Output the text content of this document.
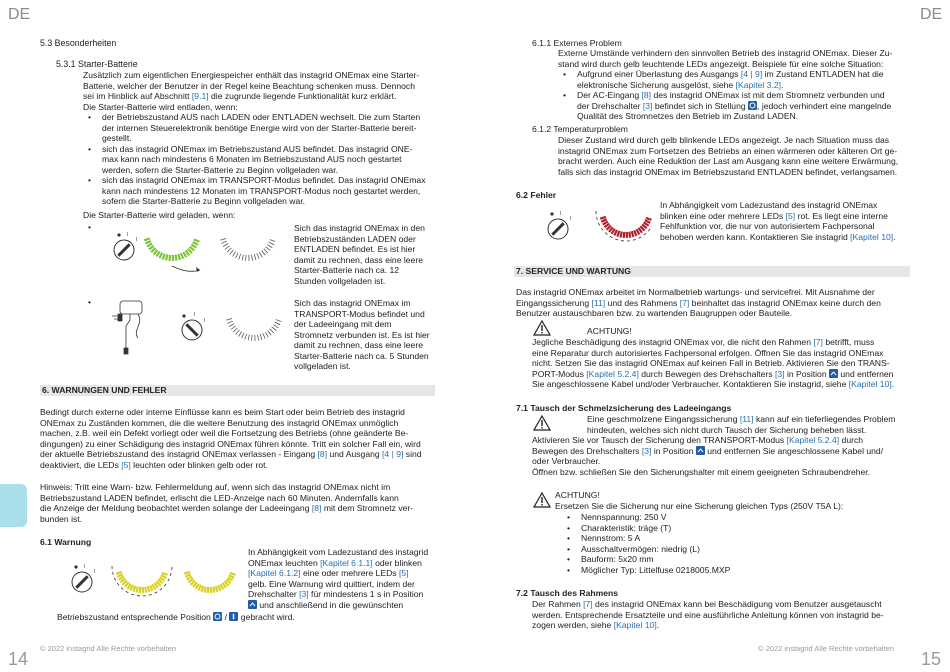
DE	DE
14	15
© 2022 instagrid Alle Rechte vorbehalten	© 2022 instagrid Alle Rechte vorbehalten
5.3 Besonderheiten
5.3.1 Starter-Batterie

Zusätzlich zum eigentlichen Energiespeicher enthält das instagrid ONEmax eine Starter-

Batterie, welcher der Benutzer in der Regel keine Beachtung schenken muss. Dennoch

sei im Hinblick auf Abschnitt [9.1] die zugrunde liegende Funktionalität kurz erklärt.

Die Starter-Batterie wird entladen, wenn:

• der Betriebszustand AUS nach LADEN oder ENTLADEN wechselt. Die zum Starten

der internen Steuerelektronik benötige Energie wird von der Starter-Batterie bereit-

gestellt.

• sich das instagrid ONEmax im Betriebszustand AUS befindet. Das instagrid ONE-

max kann nach mindestens 6 Monaten im Betriebszustand AUS noch gestartet

werden, sofern die Starter-Batterie zu Beginn vollgeladen war.

• sich das instagrid ONEmax im TRANSPORT-Modus befindet. Das instagrid ONEmax

kann nach mindestens 12 Monaten im TRANSPORT-Modus noch gestartet werden,

sofern die Starter-Batterie zu Beginn vollgeladen war.

Die Starter-Batterie wird geladen, wenn:
•
I
I

Sich das instagrid ONEmax in den

Betriebszuständen LADEN oder

ENTLADEN befindet. Es ist hier

damit zu rechnen, dass eine leere

Starter-Batterie nach ca. 12

Stunden vollgeladen ist.

•
I
I

Sich das instagrid ONEmax im

TRANSPORT-Modus befindet und

der Ladeeingang mit dem

Stromnetz verbunden ist. Es ist hier

damit zu rechnen, dass eine leere

Starter-Batterie nach ca. 5 Stunden

vollgeladen ist.

6. WARNUNGEN UND FEHLER

Bedingt durch externe oder interne Einflüsse kann es beim Start oder beim Betrieb des instagrid

ONEmax zu Zuständen kommen, die die weitere Benutzung des instagrid ONEmax unmöglich

machen, z.B. weil ein Defekt vorliegt oder weil die Fortsetzung des Betriebs (ohne geänderte Be-

dingungen) zu einer Schädigung des instagrid ONEmax führen könnte. Tritt ein solcher Fall ein, wird

der aktuelle Betriebszustand des instagrid ONEmax verlassen - Eingang [8] und Ausgang [4 | 9] sind

deaktiviert, die LEDs [5] leuchten oder blinken gelb oder rot.

Hinweis: Tritt eine Warn- bzw. Fehlermeldung auf, wenn sich das instagrid ONEmax nicht im

Betriebszustand LADEN befindet, erlischt die LED-Anzeige nach 60 Minuten. Andernfalls kann

die Anzeige der Meldung beobachtet werden solange der Ladeeingang [8] mit dem Stromnetz ver-

bunden ist.

6.1 Warnung
I
I

In Abhängigkeit vom Ladezustand des instagrid

ONEmax leuchten [Kapitel 6.1.1] oder blinken

[Kapitel 6.1.2] eine oder mehrere LEDs [5]

gelb. Eine Warnung wird quittiert, indem der

Drehschalter [3] für mindestens 1 s in Position

und anschließend in die gewünschten

Betriebszustand entsprechende Position / gebracht wird.
6.1.1 Externes Problem

Externe Umstände verhindern den sinnvollen Betrieb des instagrid ONEmax. Dieser Zu-

stand wird durch gelb leuchtende LEDs angezeigt. Beispiele für eine solche Situation:

• Aufgrund einer Überlastung des Ausgangs [4 | 9] im Zustand ENTLADEN hat die

elektronische Sicherung ausgelöst, siehe [Kapitel 3.2].

• Der AC-Eingang [8] des instagrid ONEmax ist mit dem Stromnetz verbunden und

der Drehschalter [3] befindet sich in Stellung , jedoch verhindert eine mangelnde

Qualität des Stromnetzes den Betrieb im Zustand LADEN.

6.1.2 Temperaturproblem

Dieser Zustand wird durch gelb blinkende LEDs angezeigt. Je nach Situation muss das

instagrid ONEmax zum Fortsetzen des Betriebs an einen wärmeren oder kälteren Ort ge-

bracht werden. Auch eine Reduktion der Last am Ausgang kann eine weitere Erwärmung,

falls sich das instagrid ONEmax im Betriebszustand ENTLADEN befindet, verlangsamen.

6.2 Fehler
I
I

In Abhängigkeit vom Ladezustand des instagrid ONEmax

blinken eine oder mehrere LEDs [5] rot. Es liegt eine interne

Fehlfunktion vor, die nur von autorisiertem Fachpersonal

behoben werden kann. Kontaktieren Sie instagrid [Kapitel 10].

7. SERVICE UND WARTUNG

Das instagrid ONEmax arbeitet im Normalbetrieb wartungs- und servicefrei. Mit Ausnahme der

Eingangssicherung [11] und des Rahmens [7] beinhaltet das instagrid ONEmax keine durch den

Benutzer austauschbaren bzw. zu wartenden Baugruppen oder Bauteile.

ACHTUNG!

Jegliche Beschädigung des instagrid ONEmax vor, die nicht den Rahmen [7] betrifft, muss

eine Reparatur durch autorisiertes Fachpersonal erfolgen. Öffnen Sie das instagrid ONEmax

nicht. Setzen Sie das instagrid ONEmax auf keinen Fall in Betrieb. Aktivieren Sie den TRANS-

PORT-Modus [Kapitel 5.2.4] durch Bewegen des Drehschalters [3] in Position und entfernen

Sie angeschlossene Kabel und/oder Verbraucher. Kontaktieren Sie instagrid, siehe [Kapitel 10].

7.1 Tausch der Schmelzsicherung des Ladeeingangs

Eine geschmolzene Eingangssicherung [11] kann auf ein tieferliegendes Problem

hindeuten, welches sich nicht durch Tausch der Sicherung beheben lässt.

Aktivieren Sie vor Tausch der Sicherung den TRANSPORT-Modus [Kapitel 5.2.4] durch

Bewegen des Drehschalters [3] in Position und entfernen Sie angeschlossene Kabel und/

oder Verbraucher.

Öffnen bzw. schließen Sie den Sicherungshalter mit einem geeigneten Schraubendreher.

ACHTUNG!
Ersetzen Sie die Sicherung nur eine Sicherung gleichen Typs (250V T5A L):
• Nennspannung: 250 V
• Charakteristik: träge (T)
• Nennstrom: 5 A
• Ausschaltvermögen: niedrig (L)
• Bauform: 5x20 mm
• Möglicher Typ: Littelfuse 0218005.MXP
7.2 Tausch des Rahmens

Der Rahmen [7] des instagrid ONEmax kann bei Beschädigung vom Benutzer ausgetauscht

werden. Entsprechende Ersatzteile und eine ausführliche Anleitung können von instagrid be-

zogen werden, siehe [Kapitel 10].
